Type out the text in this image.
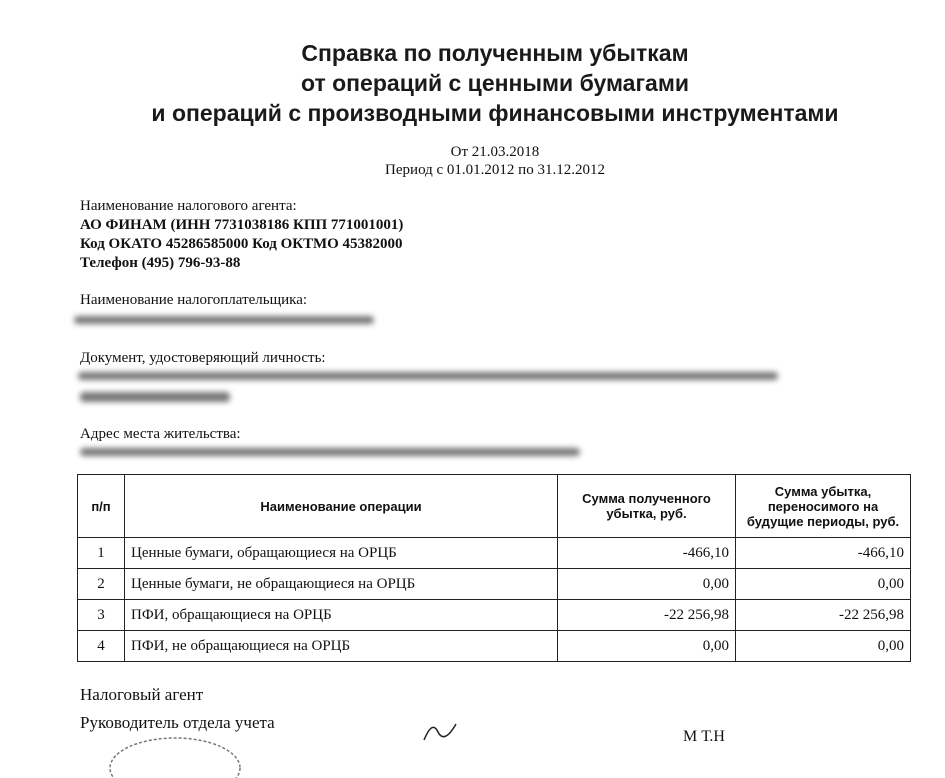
Справка по полученным убыткам
от операций с ценными бумагами
и операций с производными финансовыми инструментами
От 21.03.2018
Период с 01.01.2012 по 31.12.2012
Наименование налогового агента:
АО ФИНАМ (ИНН 7731038186 КПП 771001001)
Код ОКАТО 45286585000 Код ОКТМО 45382000
Телефон (495) 796-93-88
Наименование налогоплательщика:
Документ, удостоверяющий личность:
Адрес места жительства:
п/п	Наименование операции	Сумма полученного убытка, руб.	Сумма убытка, переносимого на будущие периоды, руб.
1	Ценные бумаги, обращающиеся на ОРЦБ	-466,10	-466,10
2	Ценные бумаги, не обращающиеся на ОРЦБ	0,00	0,00
3	ПФИ, обращающиеся на ОРЦБ	-22 256,98	-22 256,98
4	ПФИ, не обращающиеся на ОРЦБ	0,00	0,00
Налоговый агент
Руководитель отдела учета
М Т.Н
